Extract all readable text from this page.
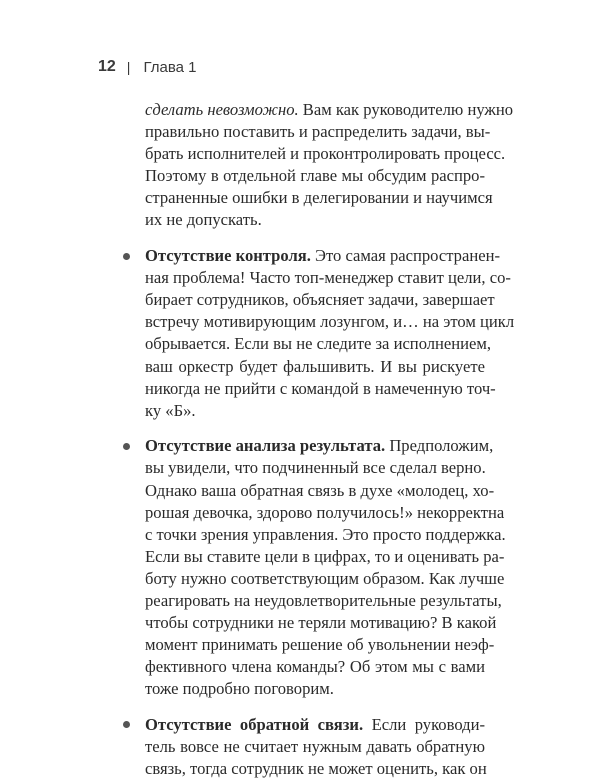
12 | Глава 1
сделать невозможно. Вам как руководителю нужно
правильно поставить и распределить задачи, вы-
брать исполнителей и проконтролировать процесс.
Поэтому в отдельной главе мы обсудим распро-
страненные ошибки в делегировании и научимся
их не допускать.
Отсутствие контроля. Это самая распространен-
ная проблема! Часто топ-менеджер ставит цели, со-
бирает сотрудников, объясняет задачи, завершает
встречу мотивирующим лозунгом, и… на этом цикл
обрывается. Если вы не следите за исполнением,
ваш оркестр будет фальшивить. И вы рискуете
никогда не прийти с командой в намеченную точ-
ку «Б».
Отсутствие анализа результата. Предположим,
вы увидели, что подчиненный все сделал верно.
Однако ваша обратная связь в духе «молодец, хо-
рошая девочка, здорово получилось!» некорректна
с точки зрения управления. Это просто поддержка.
Если вы ставите цели в цифрах, то и оценивать ра-
боту нужно соответствующим образом. Как лучше
реагировать на неудовлетворительные результаты,
чтобы сотрудники не теряли мотивацию? В какой
момент принимать решение об увольнении неэф-
фективного члена команды? Об этом мы с вами
тоже подробно поговорим.
Отсутствие обратной связи. Если руководи-
тель вовсе не считает нужным давать обратную
связь, тогда сотрудник не может оценить, как он
